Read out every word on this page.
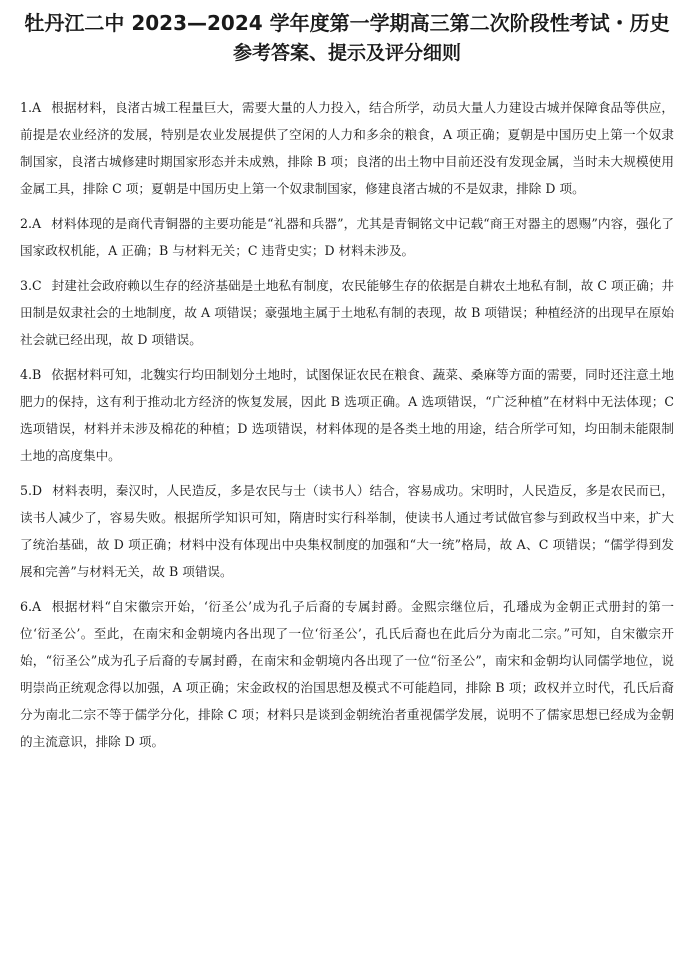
牡丹江二中 2023—2024 学年度第一学期高三第二次阶段性考试・历史
参考答案、提示及评分细则

1.A 根据材料，良渚古城工程量巨大，需要大量的人力投入，结合所学，动员大量人力建设古城并保障食品等供应，前提是农业经济的发展，特别是农业发展提供了空闲的人力和多余的粮食，A 项正确；夏朝是中国历史上第一个奴隶制国家，良渚古城修建时期国家形态并未成熟，排除 B 项；良渚的出土物中目前还没有发现金属，当时未大规模使用金属工具，排除 C 项；夏朝是中国历史上第一个奴隶制国家，修建良渚古城的不是奴隶，排除 D 项。

2.A 材料体现的是商代青铜器的主要功能是“礼器和兵器”，尤其是青铜铭文中记载“商王对器主的恩赐”内容，强化了国家政权机能，A 正确；B 与材料无关；C 违背史实；D 材料未涉及。

3.C 封建社会政府赖以生存的经济基础是土地私有制度，农民能够生存的依据是自耕农土地私有制，故 C 项正确；井田制是奴隶社会的土地制度，故 A 项错误；豪强地主属于土地私有制的表现，故 B 项错误；种植经济的出现早在原始社会就已经出现，故 D 项错误。

4.B 依据材料可知，北魏实行均田制划分土地时，试图保证农民在粮食、蔬菜、桑麻等方面的需要，同时还注意土地肥力的保持，这有利于推动北方经济的恢复发展，因此 B 选项正确。A 选项错误，“广泛种植”在材料中无法体现；C 选项错误，材料并未涉及棉花的种植；D 选项错误，材料体现的是各类土地的用途，结合所学可知，均田制未能限制土地的高度集中。

5.D 材料表明，秦汉时，人民造反，多是农民与士（读书人）结合，容易成功。宋明时，人民造反，多是农民而已，读书人减少了，容易失败。根据所学知识可知，隋唐时实行科举制，使读书人通过考试做官参与到政权当中来，扩大了统治基础，故 D 项正确；材料中没有体现出中央集权制度的加强和“大一统”格局，故 A、C 项错误；“儒学得到发展和完善”与材料无关，故 B 项错误。

6.A 根据材料“自宋徽宗开始，‘衍圣公’成为孔子后裔的专属封爵。金熙宗继位后，孔璠成为金朝正式册封的第一位‘衍圣公’。至此，在南宋和金朝境内各出现了一位‘衍圣公’，孔氏后裔也在此后分为南北二宗。”可知，自宋徽宗开始，“衍圣公”成为孔子后裔的专属封爵，在南宋和金朝境内各出现了一位“衍圣公”，南宋和金朝均认同儒学地位，说明崇尚正统观念得以加强，A 项正确；宋金政权的治国思想及模式不可能趋同，排除 B 项；政权并立时代，孔氏后裔分为南北二宗不等于儒学分化，排除 C 项；材料只是谈到金朝统治者重视儒学发展，说明不了儒家思想已经成为金朝的主流意识，排除 D 项。
